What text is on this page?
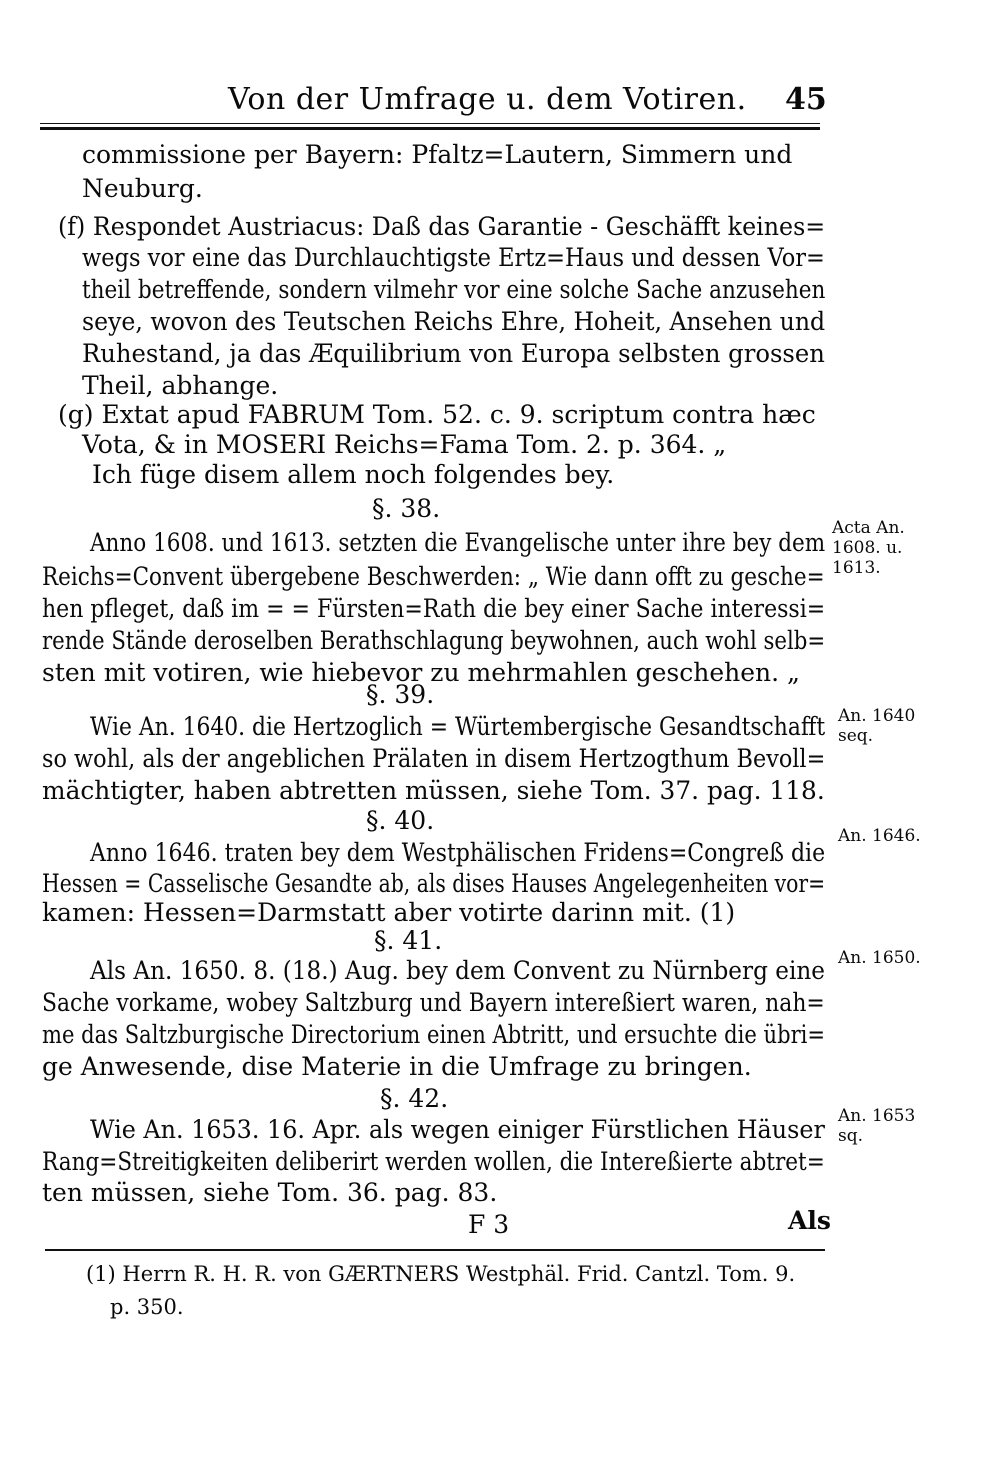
Von der Umfrage u. dem Votiren. 45
commissione per Bayern: Pfaltz=Lautern, Simmern und
Neuburg.
(f) Respondet Austriacus: Daß das Garantie - Geschäfft keines=
wegs vor eine das Durchlauchtigste Ertz=Haus und dessen Vor=
theil betreffende, sondern vilmehr vor eine solche Sache anzusehen
seye, wovon des Teutschen Reichs Ehre, Hoheit, Ansehen und
Ruhestand, ja das Æquilibrium von Europa selbsten grossen
Theil, abhange.
(g) Extat apud FABRUM Tom. 52. c. 9. scriptum contra hæc
Vota, & in MOSERI Reichs=Fama Tom. 2. p. 364. „
Ich füge disem allem noch folgendes bey.
Anno 1608. und 1613. setzten die Evangelische unter ihre bey dem
Reichs=Convent übergebene Beschwerden: „ Wie dann offt zu gesche=
hen pfleget, daß im = = Fürsten=Rath die bey einer Sache interessi=
rende Stände deroselben Berathschlagung beywohnen, auch wohl selb=
sten mit votiren, wie hiebevor zu mehrmahlen geschehen. „
Wie An. 1640. die Hertzoglich = Würtembergische Gesandtschafft
so wohl, als der angeblichen Prälaten in disem Hertzogthum Bevoll=
mächtigter, haben abtretten müssen, siehe Tom. 37. pag. 118.
Anno 1646. traten bey dem Westphälischen Fridens=Congreß die
Hessen = Casselische Gesandte ab, als dises Hauses Angelegenheiten vor=
kamen: Hessen=Darmstatt aber votirte darinn mit. (1)
Als An. 1650. 8. (18.) Aug. bey dem Convent zu Nürnberg eine
Sache vorkame, wobey Saltzburg und Bayern intereßiert waren, nah=
me das Saltzburgische Directorium einen Abtritt, und ersuchte die übri=
ge Anwesende, dise Materie in die Umfrage zu bringen.
Wie An. 1653. 16. Apr. als wegen einiger Fürstlichen Häuser
Rang=Streitigkeiten deliberirt werden wollen, die Intereßierte abtret=
ten müssen, siehe Tom. 36. pag. 83.
§. 38.
§. 39.
§. 40.
§. 41.
§. 42.
Acta An.
1608. u.
1613.
An. 1640
seq.
An. 1646.
An. 1650.
An. 1653
sq.
F 3	Als
(1) Herrn R. H. R. von GÆRTNERS Westphäl. Frid. Cantzl. Tom. 9.
p. 350.
